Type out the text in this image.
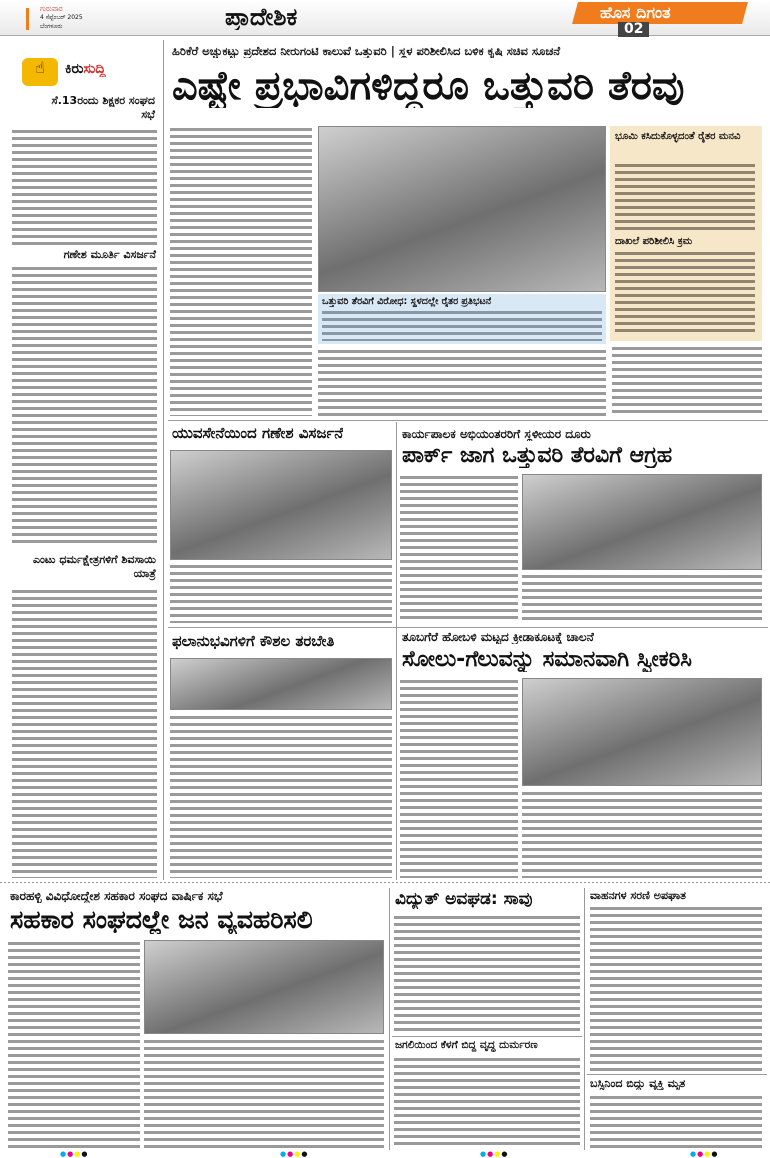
ಗುರುವಾರ
4 ಸೆಪ್ಟೆಂಬರ್ 2025
ಬೆಂಗಳೂರು	ಪ್ರಾದೇಶಿಕ	ಹೊಸ ದಿಗಂತ
02
☝	ಕಿರುಸುದ್ದಿ
ಸೆ.13ರಂದು ಶಿಕ್ಷಕರ ಸಂಘದ ಸಭೆ
ಗಣೇಶ ಮೂರ್ತಿ ವಿಸರ್ಜನೆ
ಎಂಟು ಧರ್ಮಕ್ಷೇತ್ರಗಳಿಗೆ ಶಿವಸಾಯಿ ಯಾತ್ರೆ
ಹಿರಿಕೆರೆ ಅಚ್ಚುಕಟ್ಟು ಪ್ರದೇಶದ ನೀರುಗಂಟಿ ಕಾಲುವೆ ಒತ್ತುವರಿ | ಸ್ಥಳ ಪರಿಶೀಲಿಸಿದ ಬಳಿಕ ಕೃಷಿ ಸಚಿವ ಸೂಚನೆ
ಎಷ್ಟೇ ಪ್ರಭಾವಿಗಳಿದ್ದರೂ ಒತ್ತುವರಿ ತೆರವು
ಒತ್ತುವರಿ ತೆರವಿಗೆ ವಿರೋಧ: ಸ್ಥಳದಲ್ಲೇ ರೈತರ ಪ್ರತಿಭಟನೆ
ಭೂಮಿ ಕಸಿದುಕೊಳ್ಳದಂತೆ ರೈತರ ಮನವಿ
ದಾಖಲೆ ಪರಿಶೀಲಿಸಿ ಕ್ರಮ
ಯುವಸೇನೆಯಿಂದ ಗಣೇಶ ವಿಸರ್ಜನೆ	ಕಾರ್ಯಪಾಲಕ ಅಭಿಯಂತರರಿಗೆ ಸ್ಥಳೀಯರ ದೂರು
ಪಾರ್ಕ್ ಜಾಗ ಒತ್ತುವರಿ ತೆರವಿಗೆ ಆಗ್ರಹ
ಫಲಾನುಭವಿಗಳಿಗೆ ಕೌಶಲ ತರಬೇತಿ	ತೂಬಗೆರೆ ಹೋಬಳಿ ಮಟ್ಟದ ಕ್ರೀಡಾಕೂಟಕ್ಕೆ ಚಾಲನೆ
ಸೋಲು-ಗೆಲುವನ್ನು ಸಮಾನವಾಗಿ ಸ್ವೀಕರಿಸಿ
ಕಾರಹಳ್ಳಿ ವಿವಿಧೋದ್ದೇಶ ಸಹಕಾರ ಸಂಘದ ವಾರ್ಷಿಕ ಸಭೆ
ಸಹಕಾರ ಸಂಘದಲ್ಲೇ ಜನ ವ್ಯವಹರಿಸಲಿ
ವಿದ್ಯುತ್ ಅವಘಡ: ಸಾವು
ಜಗಲಿಯಿಂದ ಕೆಳಗೆ ಬಿದ್ದ ವೃದ್ಧ ದುರ್ಮರಣ
ವಾಹನಗಳ ಸರಣಿ ಅಪಘಾತ
ಬಸ್ಸಿನಿಂದ ಬಿದ್ದು ವ್ಯಕ್ತಿ ಮೃತ
●●●●	●●●●	●●●●	●●●●
